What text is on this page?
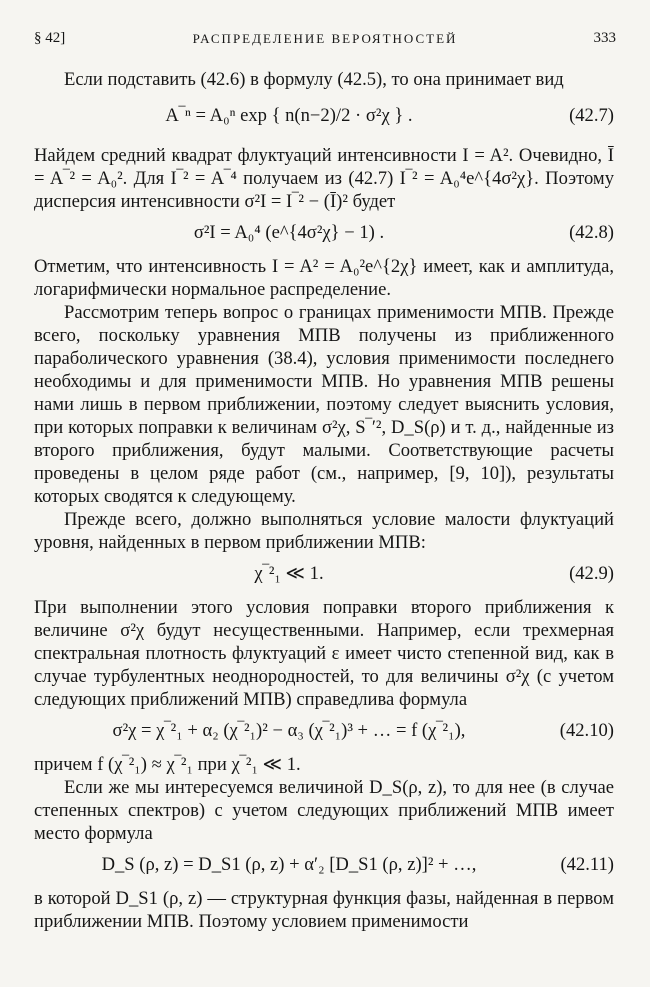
§ 42]	РАСПРЕДЕЛЕНИЕ ВЕРОЯТНОСТЕЙ	333

Если подставить (42.6) в формулу (42.5), то она принимает вид

A‾ⁿ = A₀ⁿ exp { n(n−2)/2 · σ²χ } .	(42.7)

Найдем средний квадрат флуктуаций интенсивности I = A². Очевидно, Ī = A‾² = A₀². Для I‾² = A‾⁴ получаем из (42.7) I‾² = A₀⁴e^{4σ²χ}. Поэтому дисперсия интенсивности σ²I = I‾² − (Ī)² будет

σ²I = A₀⁴ (e^{4σ²χ} − 1) .	(42.8)

Отметим, что интенсивность I = A² = A₀²e^{2χ} имеет, как и амплитуда, логарифмически нормальное распределение.

Рассмотрим теперь вопрос о границах применимости МПВ. Прежде всего, поскольку уравнения МПВ получены из приближенного параболического уравнения (38.4), условия применимости последнего необходимы и для применимости МПВ. Но уравнения МПВ решены нами лишь в первом приближении, поэтому следует выяснить условия, при которых поправки к величинам σ²χ, S‾′², D_S(ρ) и т. д., найденные из второго приближения, будут малыми. Соответствующие расчеты проведены в целом ряде работ (см., например, [9, 10]), результаты которых сводятся к следующему.

Прежде всего, должно выполняться условие малости флуктуаций уровня, найденных в первом приближении МПВ:

χ‾²₁ ≪ 1.	(42.9)

При выполнении этого условия поправки второго приближения к величине σ²χ будут несущественными. Например, если трехмерная спектральная плотность флуктуаций ε имеет чисто степенной вид, как в случае турбулентных неоднородностей, то для величины σ²χ (с учетом следующих приближений МПВ) справедлива формула

σ²χ = χ‾²₁ + α₂ (χ‾²₁)² − α₃ (χ‾²₁)³ + … = f (χ‾²₁),	(42.10)

причем f (χ‾²₁) ≈ χ‾²₁ при χ‾²₁ ≪ 1.

Если же мы интересуемся величиной D_S(ρ, z), то для нее (в случае степенных спектров) с учетом следующих приближений МПВ имеет место формула

D_S (ρ, z) = D_S1 (ρ, z) + α′₂ [D_S1 (ρ, z)]² + …,	(42.11)

в которой D_S1 (ρ, z) — структурная функция фазы, найденная в первом приближении МПВ. Поэтому условием применимости
